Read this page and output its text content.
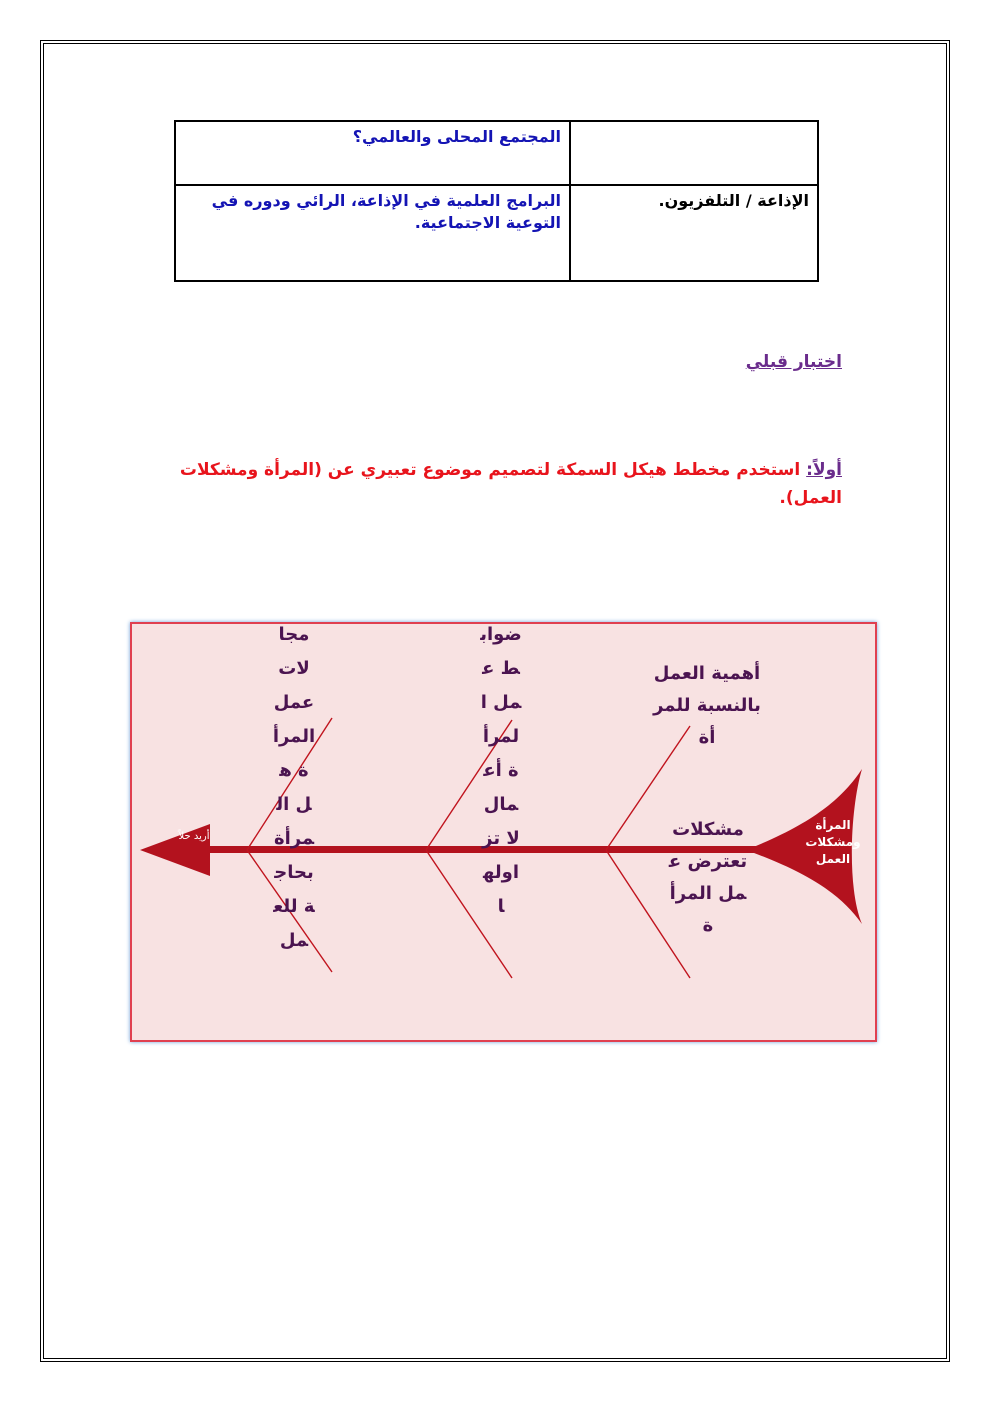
	المجتمع المحلى والعالمي؟
الإذاعة / التلفزيون.	البرامج العلمية في الإذاعة، الرائي ودوره في التوعية الاجتماعية.

اختبار قبلي

أولاً: استخدم مخطط هيكل السمكة لتصميم موضوع تعبيري عن (المرأة ومشكلات العمل).

مجالات عمل المرأة هل المرأة بحاجة للعمل
ضوابط عمل المرأة أعمال لا تزاولها
أهمية العمل بالنسبة للمرأة
مشكلات تعترض عمل المرأة
المرأة ومشكلات العمل
أريد حلاً
